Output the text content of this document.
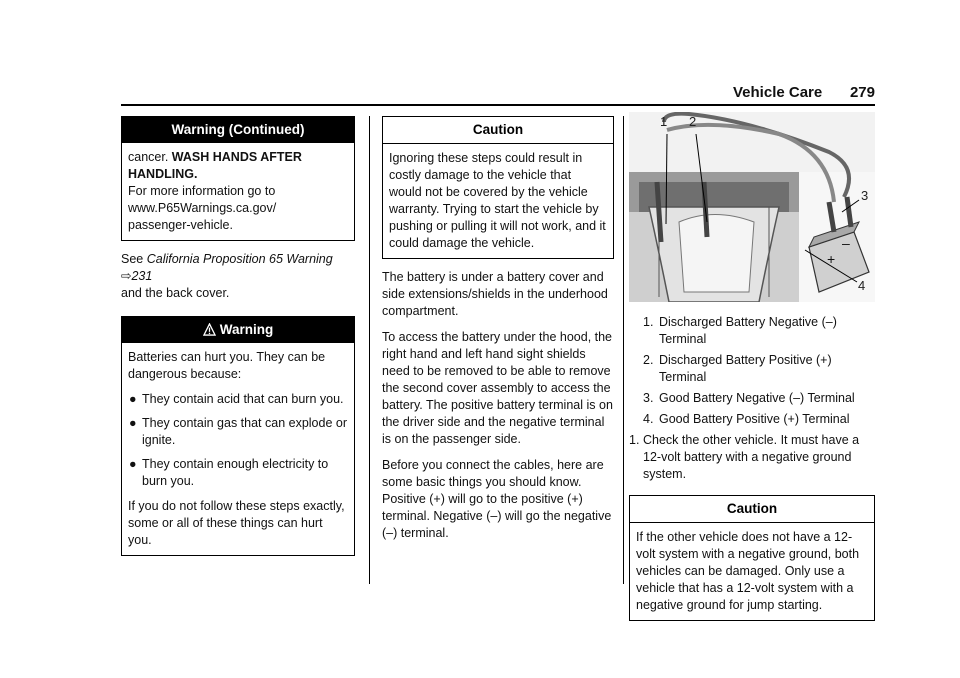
Vehicle Care 279
Warning (Continued)
cancer. WASH HANDS AFTER HANDLING.
For more information go to
www.P65Warnings.ca.gov/
passenger-vehicle.

See California Proposition 65 Warning ⇨231
and the back cover.

Warning

Batteries can hurt you. They can be dangerous because:

● They contain acid that can burn you.
● They contain gas that can explode or ignite.
● They contain enough electricity to burn you.

If you do not follow these steps exactly, some or all of these things can hurt you.

Caution

Ignoring these steps could result in costly damage to the vehicle that would not be covered by the vehicle warranty. Trying to start the vehicle by pushing or pulling it will not work, and it could damage the vehicle.

The battery is under a battery cover and side extensions/shields in the underhood compartment.

To access the battery under the hood, the right hand and left hand sight shields need to be removed to be able to remove the second cover assembly to access the battery. The positive battery terminal is on the driver side and the negative terminal is on the passenger side.

Before you connect the cables, here are some basic things you should know. Positive (+) will go to the positive (+) terminal. Negative (–) will go the negative (–) terminal.

–
+
1 2
3
4
1. Discharged Battery Negative (–) Terminal
2. Discharged Battery Positive (+) Terminal
3. Good Battery Negative (–) Terminal
4. Good Battery Positive (+) Terminal
1. Check the other vehicle. It must have a 12-volt battery with a negative ground system.
Caution

If the other vehicle does not have a 12-volt system with a negative ground, both vehicles can be damaged. Only use a vehicle that has a 12-volt system with a negative ground for jump starting.
